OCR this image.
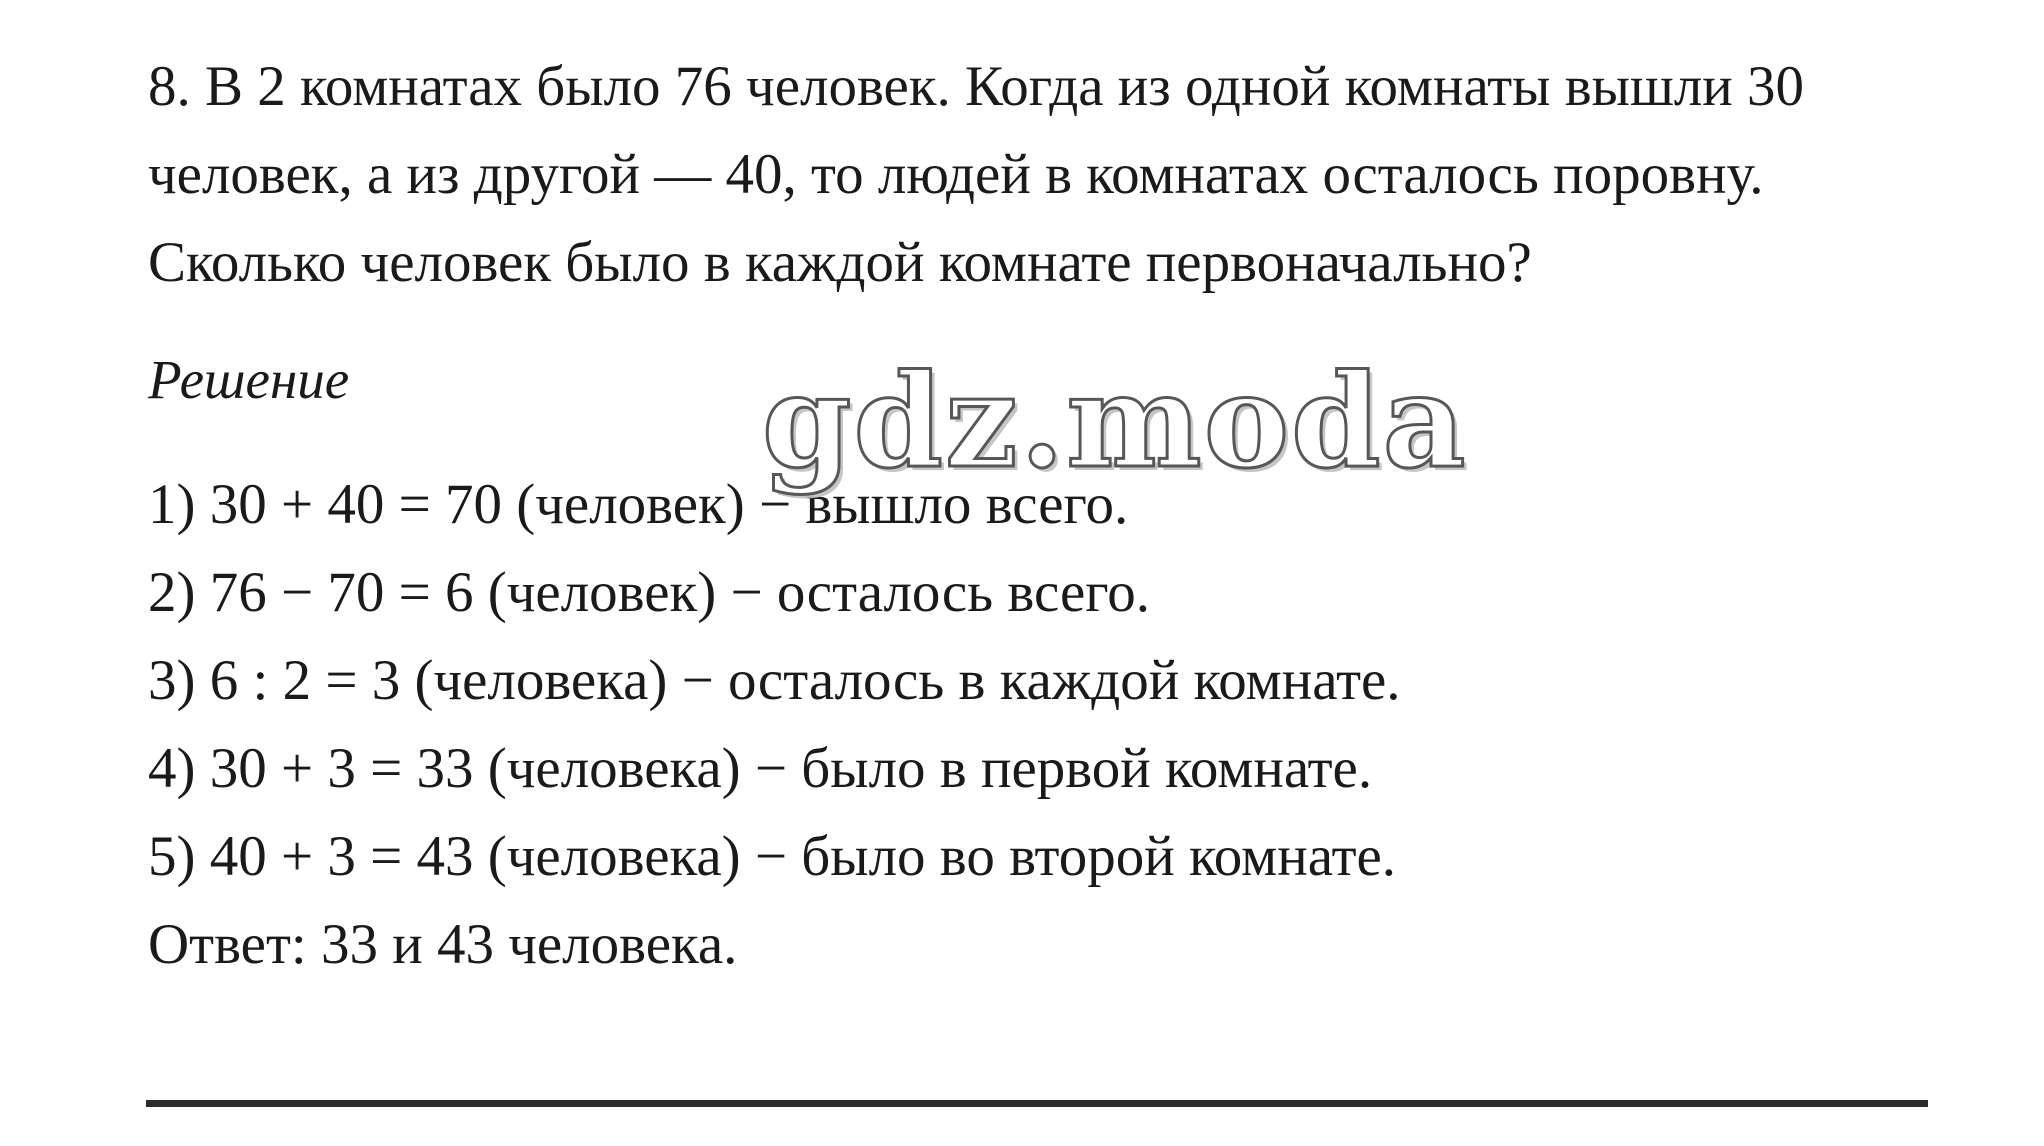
8. В 2 комнатах было 76 человек. Когда из одной комнаты вышли 30
человек, а из другой — 40, то людей в комнатах осталось поровну.
Сколько человек было в каждой комнате первоначально?
Решение
1) 30 + 40 = 70 (человек) − вышло всего.
2) 76 − 70 = 6 (человек) − осталось всего.
3) 6 : 2 = 3 (человека) − осталось в каждой комнате.
4) 30 + 3 = 33 (человека) − было в первой комнате.
5) 40 + 3 = 43 (человека) − было во второй комнате.
Ответ: 33 и 43 человека.
gdz.moda
